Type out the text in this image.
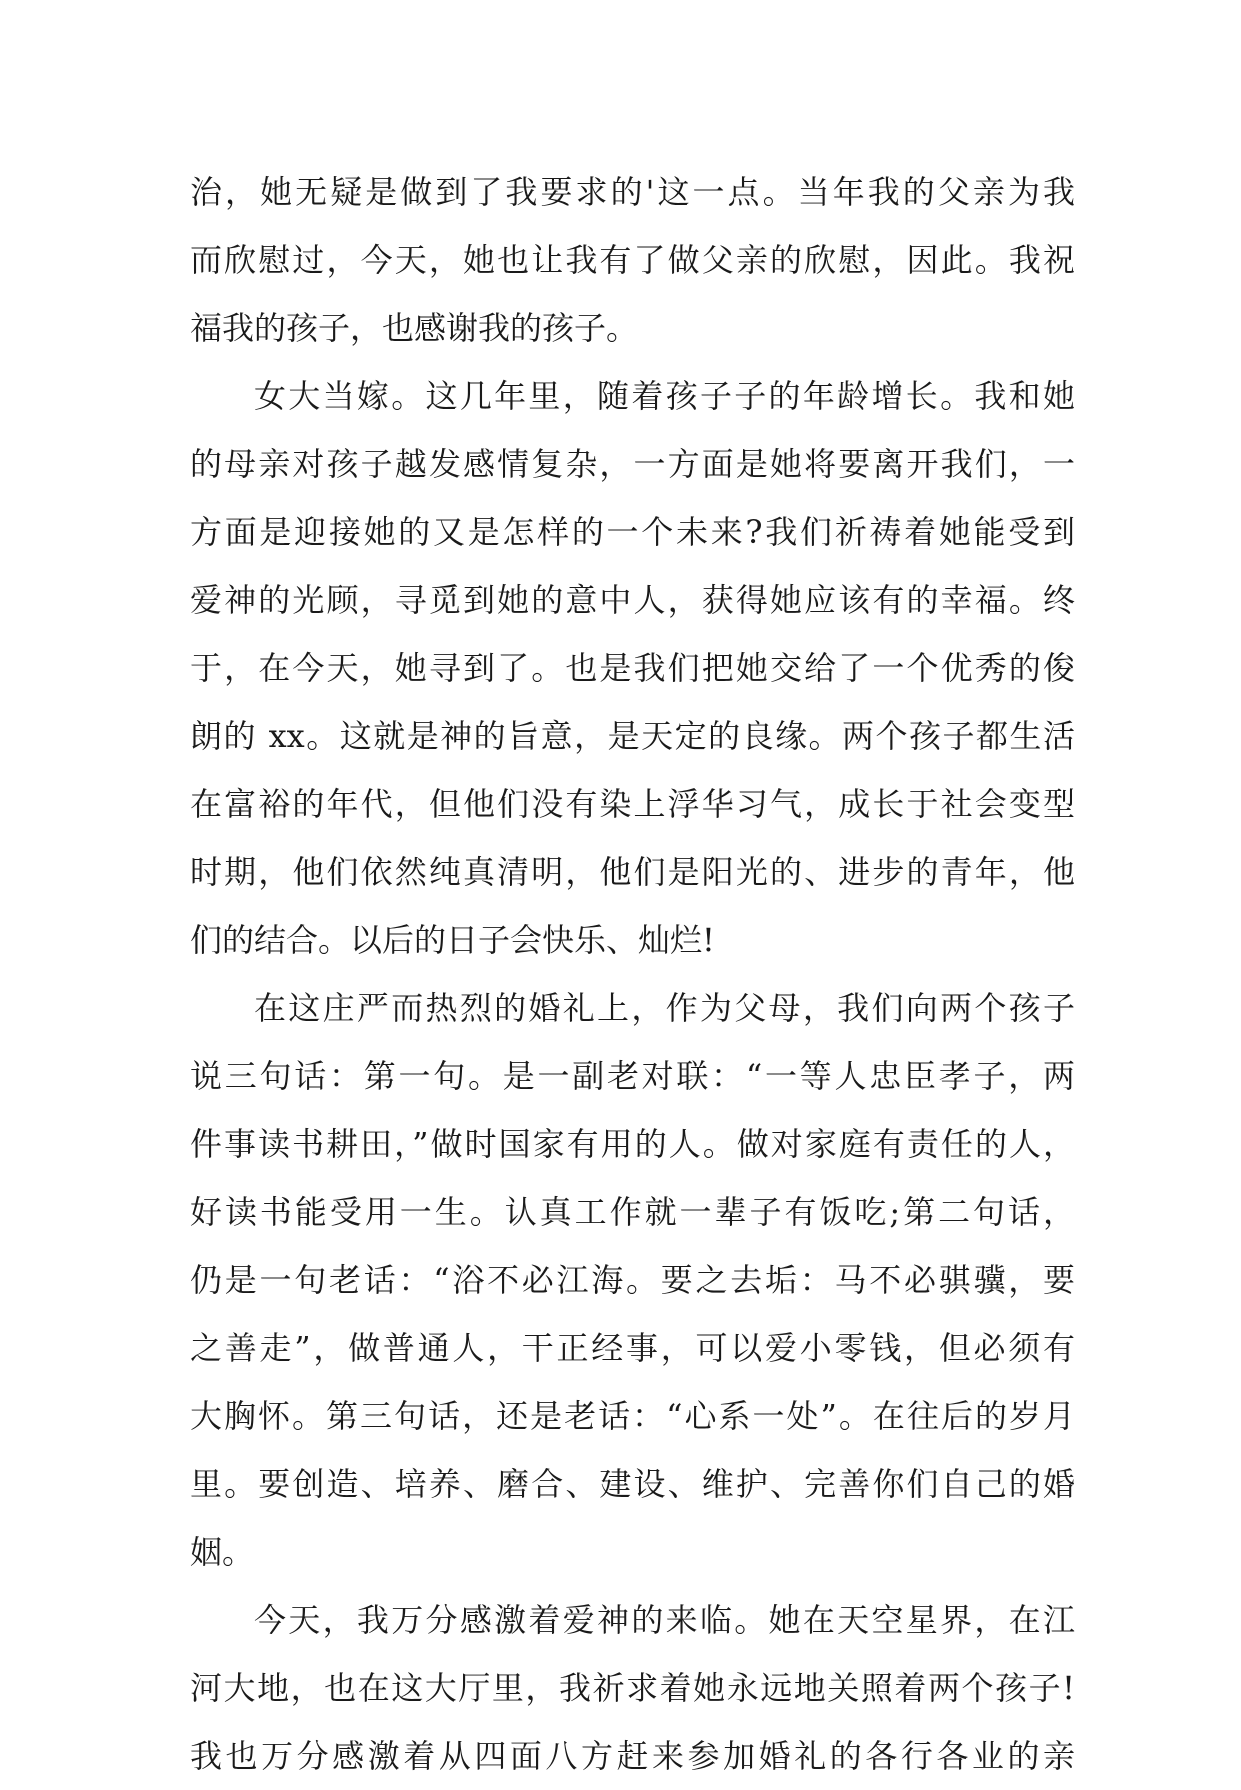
治，她无疑是做到了我要求的'这一点。当年我的父亲为我
而欣慰过，今天，她也让我有了做父亲的欣慰，因此。我祝
福我的孩子，也感谢我的孩子。
女大当嫁。这几年里，随着孩子子的年龄增长。我和她
的母亲对孩子越发感情复杂，一方面是她将要离开我们，一
方面是迎接她的又是怎样的一个未来?我们祈祷着她能受到
爱神的光顾，寻觅到她的意中人，获得她应该有的幸福。终
于，在今天，她寻到了。也是我们把她交给了一个优秀的俊
朗的 xx。这就是神的旨意，是天定的良缘。两个孩子都生活
在富裕的年代，但他们没有染上浮华习气，成长于社会变型
时期，他们依然纯真清明，他们是阳光的、进步的青年，他
们的结合。以后的日子会快乐、灿烂!
在这庄严而热烈的婚礼上，作为父母，我们向两个孩子
说三句话：第一句。是一副老对联：“一等人忠臣孝子，两
件事读书耕田，”做时国家有用的人。做对家庭有责任的人，
好读书能受用一生。认真工作就一辈子有饭吃;第二句话，
仍是一句老话：“浴不必江海。要之去垢：马不必骐骥，要
之善走”，做普通人，干正经事，可以爱小零钱，但必须有
大胸怀。第三句话，还是老话：“心系一处”。在往后的岁月
里。要创造、培养、磨合、建设、维护、完善你们自己的婚
姻。
今天，我万分感激着爱神的来临。她在天空星界，在江
河大地，也在这大厅里，我祈求着她永远地关照着两个孩子!
我也万分感激着从四面八方赶来参加婚礼的各行各业的亲
